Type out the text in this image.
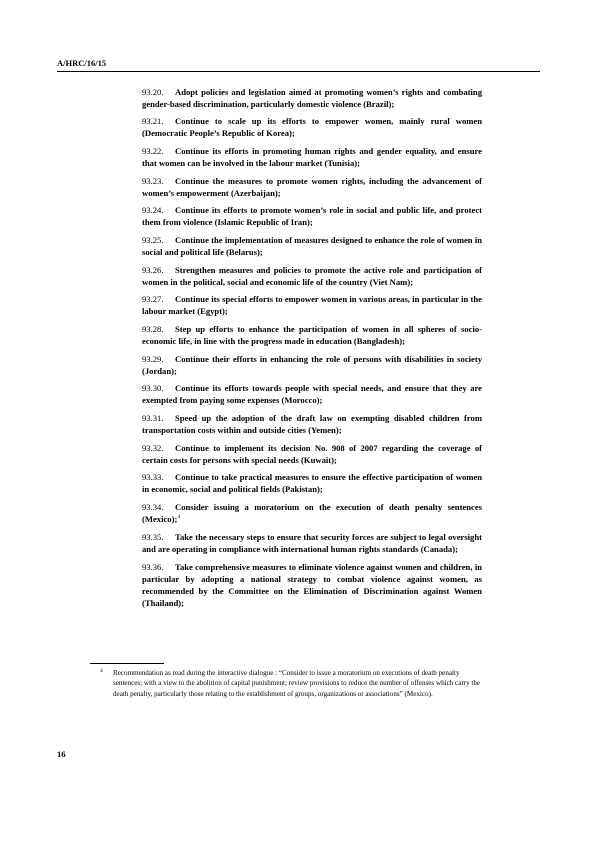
A/HRC/16/15

93.20. Adopt policies and legislation aimed at promoting women’s rights and combating gender-based discrimination, particularly domestic violence (Brazil);

93.21. Continue to scale up its efforts to empower women, mainly rural women (Democratic People’s Republic of Korea);

93.22. Continue its efforts in promoting human rights and gender equality, and ensure that women can be involved in the labour market (Tunisia);

93.23. Continue the measures to promote women rights, including the advancement of women’s empowerment (Azerbaijan);

93.24. Continue its efforts to promote women’s role in social and public life, and protect them from violence (Islamic Republic of Iran);

93.25. Continue the implementation of measures designed to enhance the role of women in social and political life (Belarus);

93.26. Strengthen measures and policies to promote the active role and participation of women in the political, social and economic life of the country (Viet Nam);

93.27. Continue its special efforts to empower women in various areas, in particular in the labour market (Egypt);

93.28. Step up efforts to enhance the participation of women in all spheres of socio-economic life, in line with the progress made in education (Bangladesh);

93.29. Continue their efforts in enhancing the role of persons with disabilities in society (Jordan);

93.30. Continue its efforts towards people with special needs, and ensure that they are exempted from paying some expenses (Morocco);

93.31. Speed up the adoption of the draft law on exempting disabled children from transportation costs within and outside cities (Yemen);

93.32. Continue to implement its decision No. 908 of 2007 regarding the coverage of certain costs for persons with special needs (Kuwait);

93.33. Continue to take practical measures to ensure the effective participation of women in economic, social and political fields (Pakistan);

93.34. Consider issuing a moratorium on the execution of death penalty sentences (Mexico);$^4$

93.35. Take the necessary steps to ensure that security forces are subject to legal oversight and are operating in compliance with international human rights standards (Canada);

93.36. Take comprehensive measures to eliminate violence against women and children, in particular by adopting a national strategy to combat violence against women, as recommended by the Committee on the Elimination of Discrimination against Women (Thailand);

4 Recommendation as read during the interactive dialogue : “Consider to issue a moratorium on executions of death penalty sentences; with a view to the abolition of capital punishment; review provisions to reduce the number of offenses which carry the death penalty, particularly those relating to the establishment of groups, organizations or associations” (Mexico).
16
